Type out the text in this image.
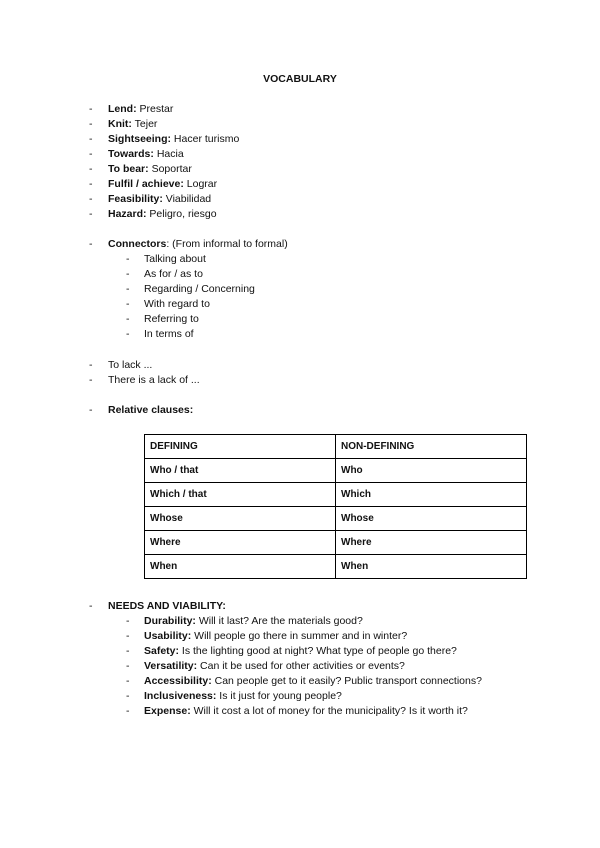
VOCABULARY
- Lend: Prestar
- Knit: Tejer
- Sightseeing: Hacer turismo
- Towards: Hacia
- To bear: Soportar
- Fulfil / achieve: Lograr
- Feasibility: Viabilidad
- Hazard: Peligro, riesgo
- Connectors: (From informal to formal)
- Talking about
- As for / as to
- Regarding / Concerning
- With regard to
- Referring to
- In terms of
- To lack ...
- There is a lack of ...
- Relative clauses:
DEFINING	NON-DEFINING
Who / that	Who
Which / that	Which
Whose	Whose
Where	Where
When	When
- NEEDS AND VIABILITY:
- Durability: Will it last? Are the materials good?
- Usability: Will people go there in summer and in winter?
- Safety: Is the lighting good at night? What type of people go there?
- Versatility: Can it be used for other activities or events?
- Accessibility: Can people get to it easily? Public transport connections?
- Inclusiveness: Is it just for young people?
- Expense: Will it cost a lot of money for the municipality? Is it worth it?
